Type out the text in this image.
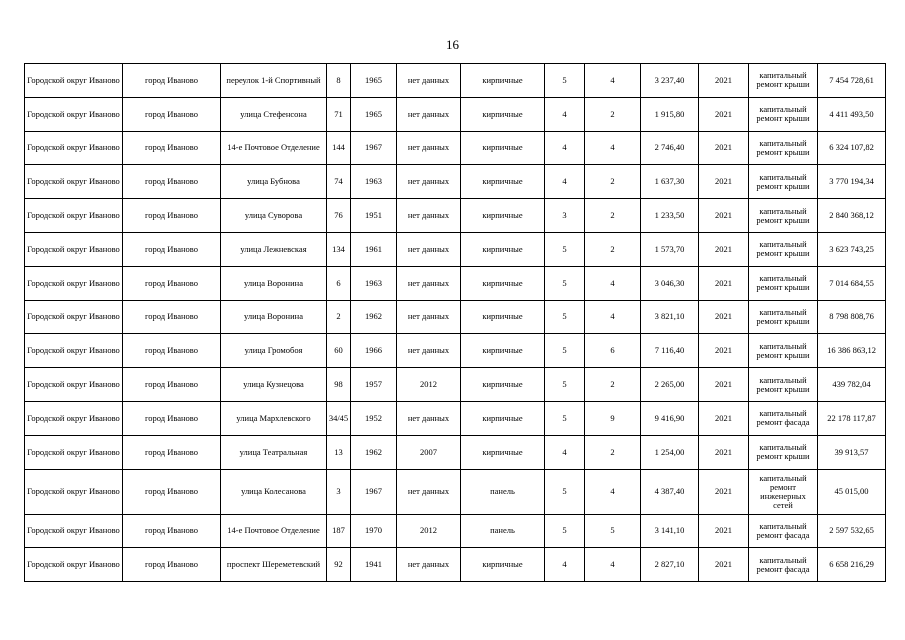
16
Городской округ Иваново	город Иваново	переулок 1-й Спортивный	8	1965	нет данных	кирпичные	5	4	3 237,40	2021	капитальный ремонт крыши	7 454 728,61
Городской округ Иваново	город Иваново	улица Стефенсона	71	1965	нет данных	кирпичные	4	2	1 915,80	2021	капитальный ремонт крыши	4 411 493,50
Городской округ Иваново	город Иваново	14-е Почтовое Отделение	144	1967	нет данных	кирпичные	4	4	2 746,40	2021	капитальный ремонт крыши	6 324 107,82
Городской округ Иваново	город Иваново	улица Бубнова	74	1963	нет данных	кирпичные	4	2	1 637,30	2021	капитальный ремонт крыши	3 770 194,34
Городской округ Иваново	город Иваново	улица Суворова	76	1951	нет данных	кирпичные	3	2	1 233,50	2021	капитальный ремонт крыши	2 840 368,12
Городской округ Иваново	город Иваново	улица Лежневская	134	1961	нет данных	кирпичные	5	2	1 573,70	2021	капитальный ремонт крыши	3 623 743,25
Городской округ Иваново	город Иваново	улица Воронина	6	1963	нет данных	кирпичные	5	4	3 046,30	2021	капитальный ремонт крыши	7 014 684,55
Городской округ Иваново	город Иваново	улица Воронина	2	1962	нет данных	кирпичные	5	4	3 821,10	2021	капитальный ремонт крыши	8 798 808,76
Городской округ Иваново	город Иваново	улица Громобоя	60	1966	нет данных	кирпичные	5	6	7 116,40	2021	капитальный ремонт крыши	16 386 863,12
Городской округ Иваново	город Иваново	улица Кузнецова	98	1957	2012	кирпичные	5	2	2 265,00	2021	капитальный ремонт крыши	439 782,04
Городской округ Иваново	город Иваново	улица Мархлевского	34/45	1952	нет данных	кирпичные	5	9	9 416,90	2021	капитальный ремонт фасада	22 178 117,87
Городской округ Иваново	город Иваново	улица Театральная	13	1962	2007	кирпичные	4	2	1 254,00	2021	капитальный ремонт крыши	39 913,57
Городской округ Иваново	город Иваново	улица Колесанова	3	1967	нет данных	панель	5	4	4 387,40	2021	капитальный ремонт инженерных сетей	45 015,00
Городской округ Иваново	город Иваново	14-е Почтовое Отделение	187	1970	2012	панель	5	5	3 141,10	2021	капитальный ремонт фасада	2 597 532,65
Городской округ Иваново	город Иваново	проспект Шереметевский	92	1941	нет данных	кирпичные	4	4	2 827,10	2021	капитальный ремонт фасада	6 658 216,29
